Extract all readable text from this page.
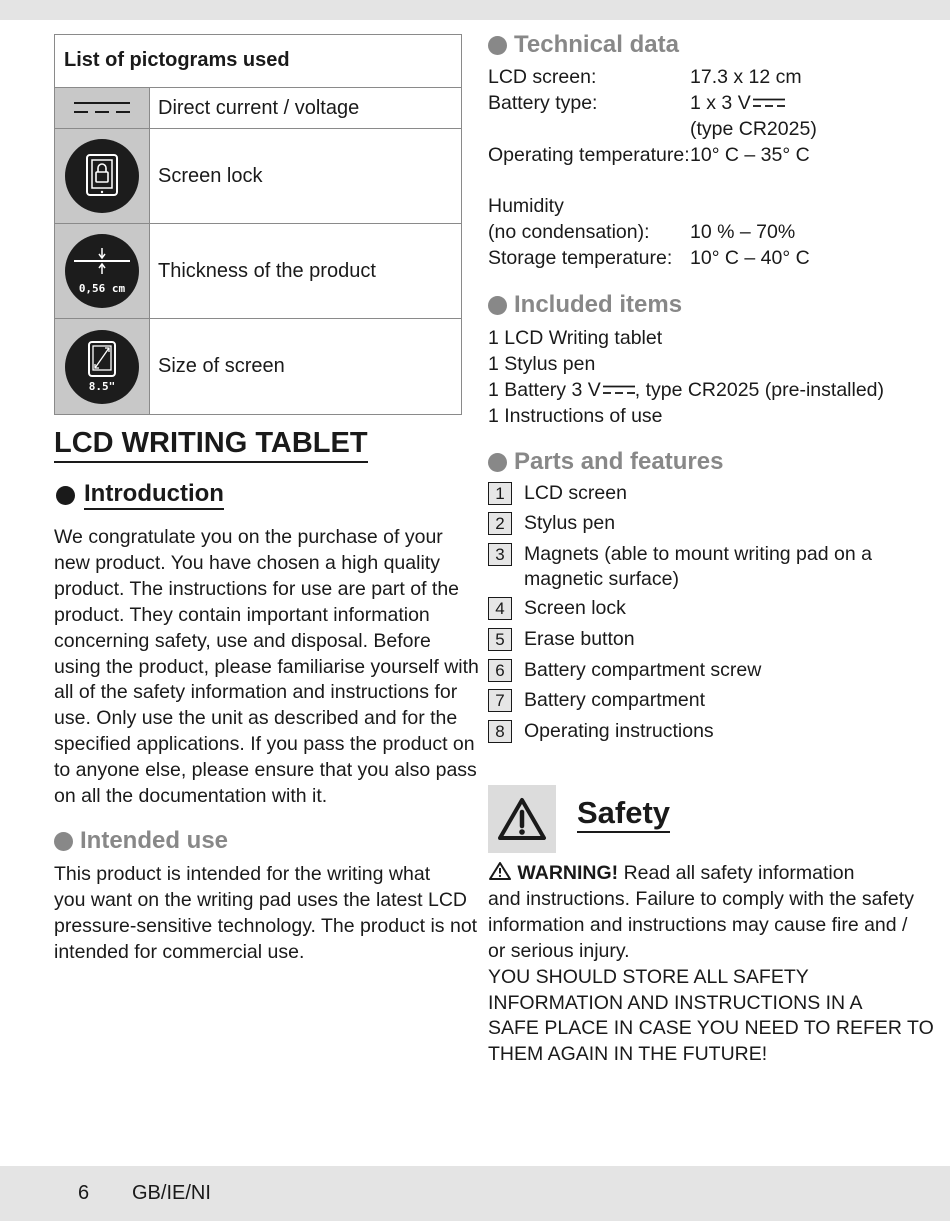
List of pictograms used
Direct current / voltage
Screen lock
0,56 cm
Thickness of the product
8.5"
Size of screen
LCD WRITING TABLET
Introduction

We congratulate you on the purchase of your

new product. You have chosen a high quality

product. The instructions for use are part of the

product. They contain important information

concerning safety, use and disposal. Before

using the product, please familiarise yourself with

all of the safety information and instructions for

use. Only use the unit as described and for the

specified applications. If you pass the product on

to anyone else, please ensure that you also pass

on all the documentation with it.

Intended use

This product is intended for the writing what

you want on the writing pad uses the latest LCD

pressure-sensitive technology. The product is not

intended for commercial use.

Technical data
LCD screen:	17.3 x 12 cm
Battery type:	1 x 3 V
(type CR2025)
Operating temperature: 10° C – 35° C
Humidity
(no condensation): 10 % – 70%
Storage temperature: 10° C – 40° C
Included items

1 LCD Writing tablet

1 Stylus pen

1 Battery 3 V , type CR2025 (pre-installed)

1 Instructions of use

Parts and features
1 LCD screen
2 Stylus pen
3 Magnets (able to mount writing pad on a
magnetic surface)
4 Screen lock
5 Erase button
6 Battery compartment screw
7 Battery compartment
8 Operating instructions
Safety

WARNING! Read all safety information

and instructions. Failure to comply with the safety

information and instructions may cause fire and /

or serious injury.

YOU SHOULD STORE ALL SAFETY

INFORMATION AND INSTRUCTIONS IN A

SAFE PLACE IN CASE YOU NEED TO REFER TO

THEM AGAIN IN THE FUTURE!

6 GB/IE/NI
